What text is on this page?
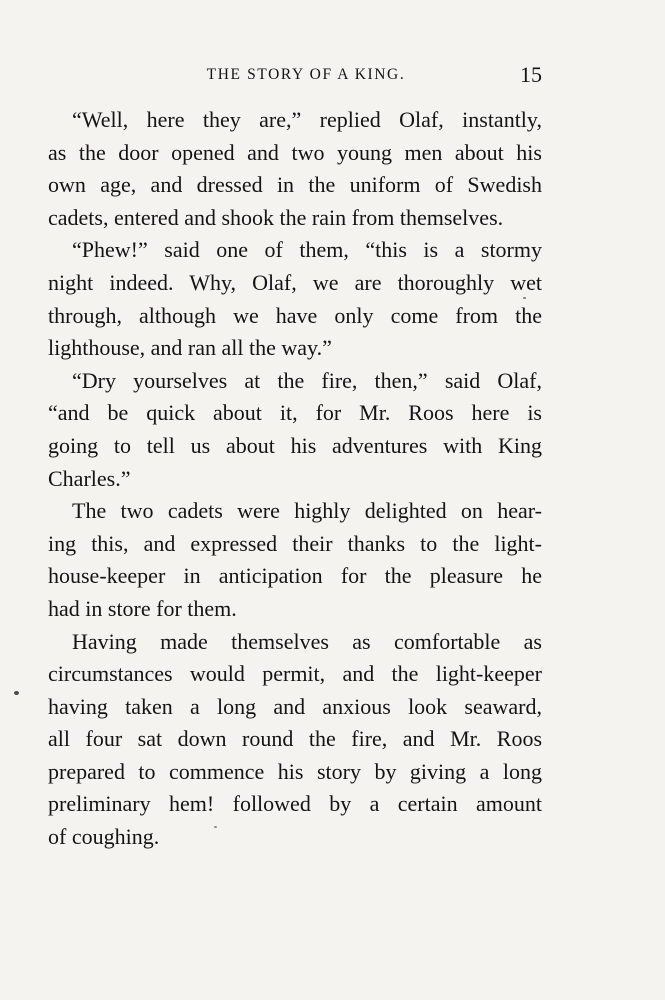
THE STORY OF A KING.	15

“Well, here they are,” replied Olaf, instantly,
as the door opened and two young men about his
own age, and dressed in the uniform of Swedish
cadets, entered and shook the rain from themselves.

“Phew!” said one of them, “this is a stormy
night indeed. Why, Olaf, we are thoroughly wet
through, although we have only come from the
lighthouse, and ran all the way.”

“Dry yourselves at the fire, then,” said Olaf,
“and be quick about it, for Mr. Roos here is
going to tell us about his adventures with King
Charles.”

The two cadets were highly delighted on hear-
ing this, and expressed their thanks to the light-
house-keeper in anticipation for the pleasure he
had in store for them.

Having made themselves as comfortable as
circumstances would permit, and the light-keeper
having taken a long and anxious look seaward,
all four sat down round the fire, and Mr. Roos
prepared to commence his story by giving a long
preliminary hem! followed by a certain amount
of coughing.
